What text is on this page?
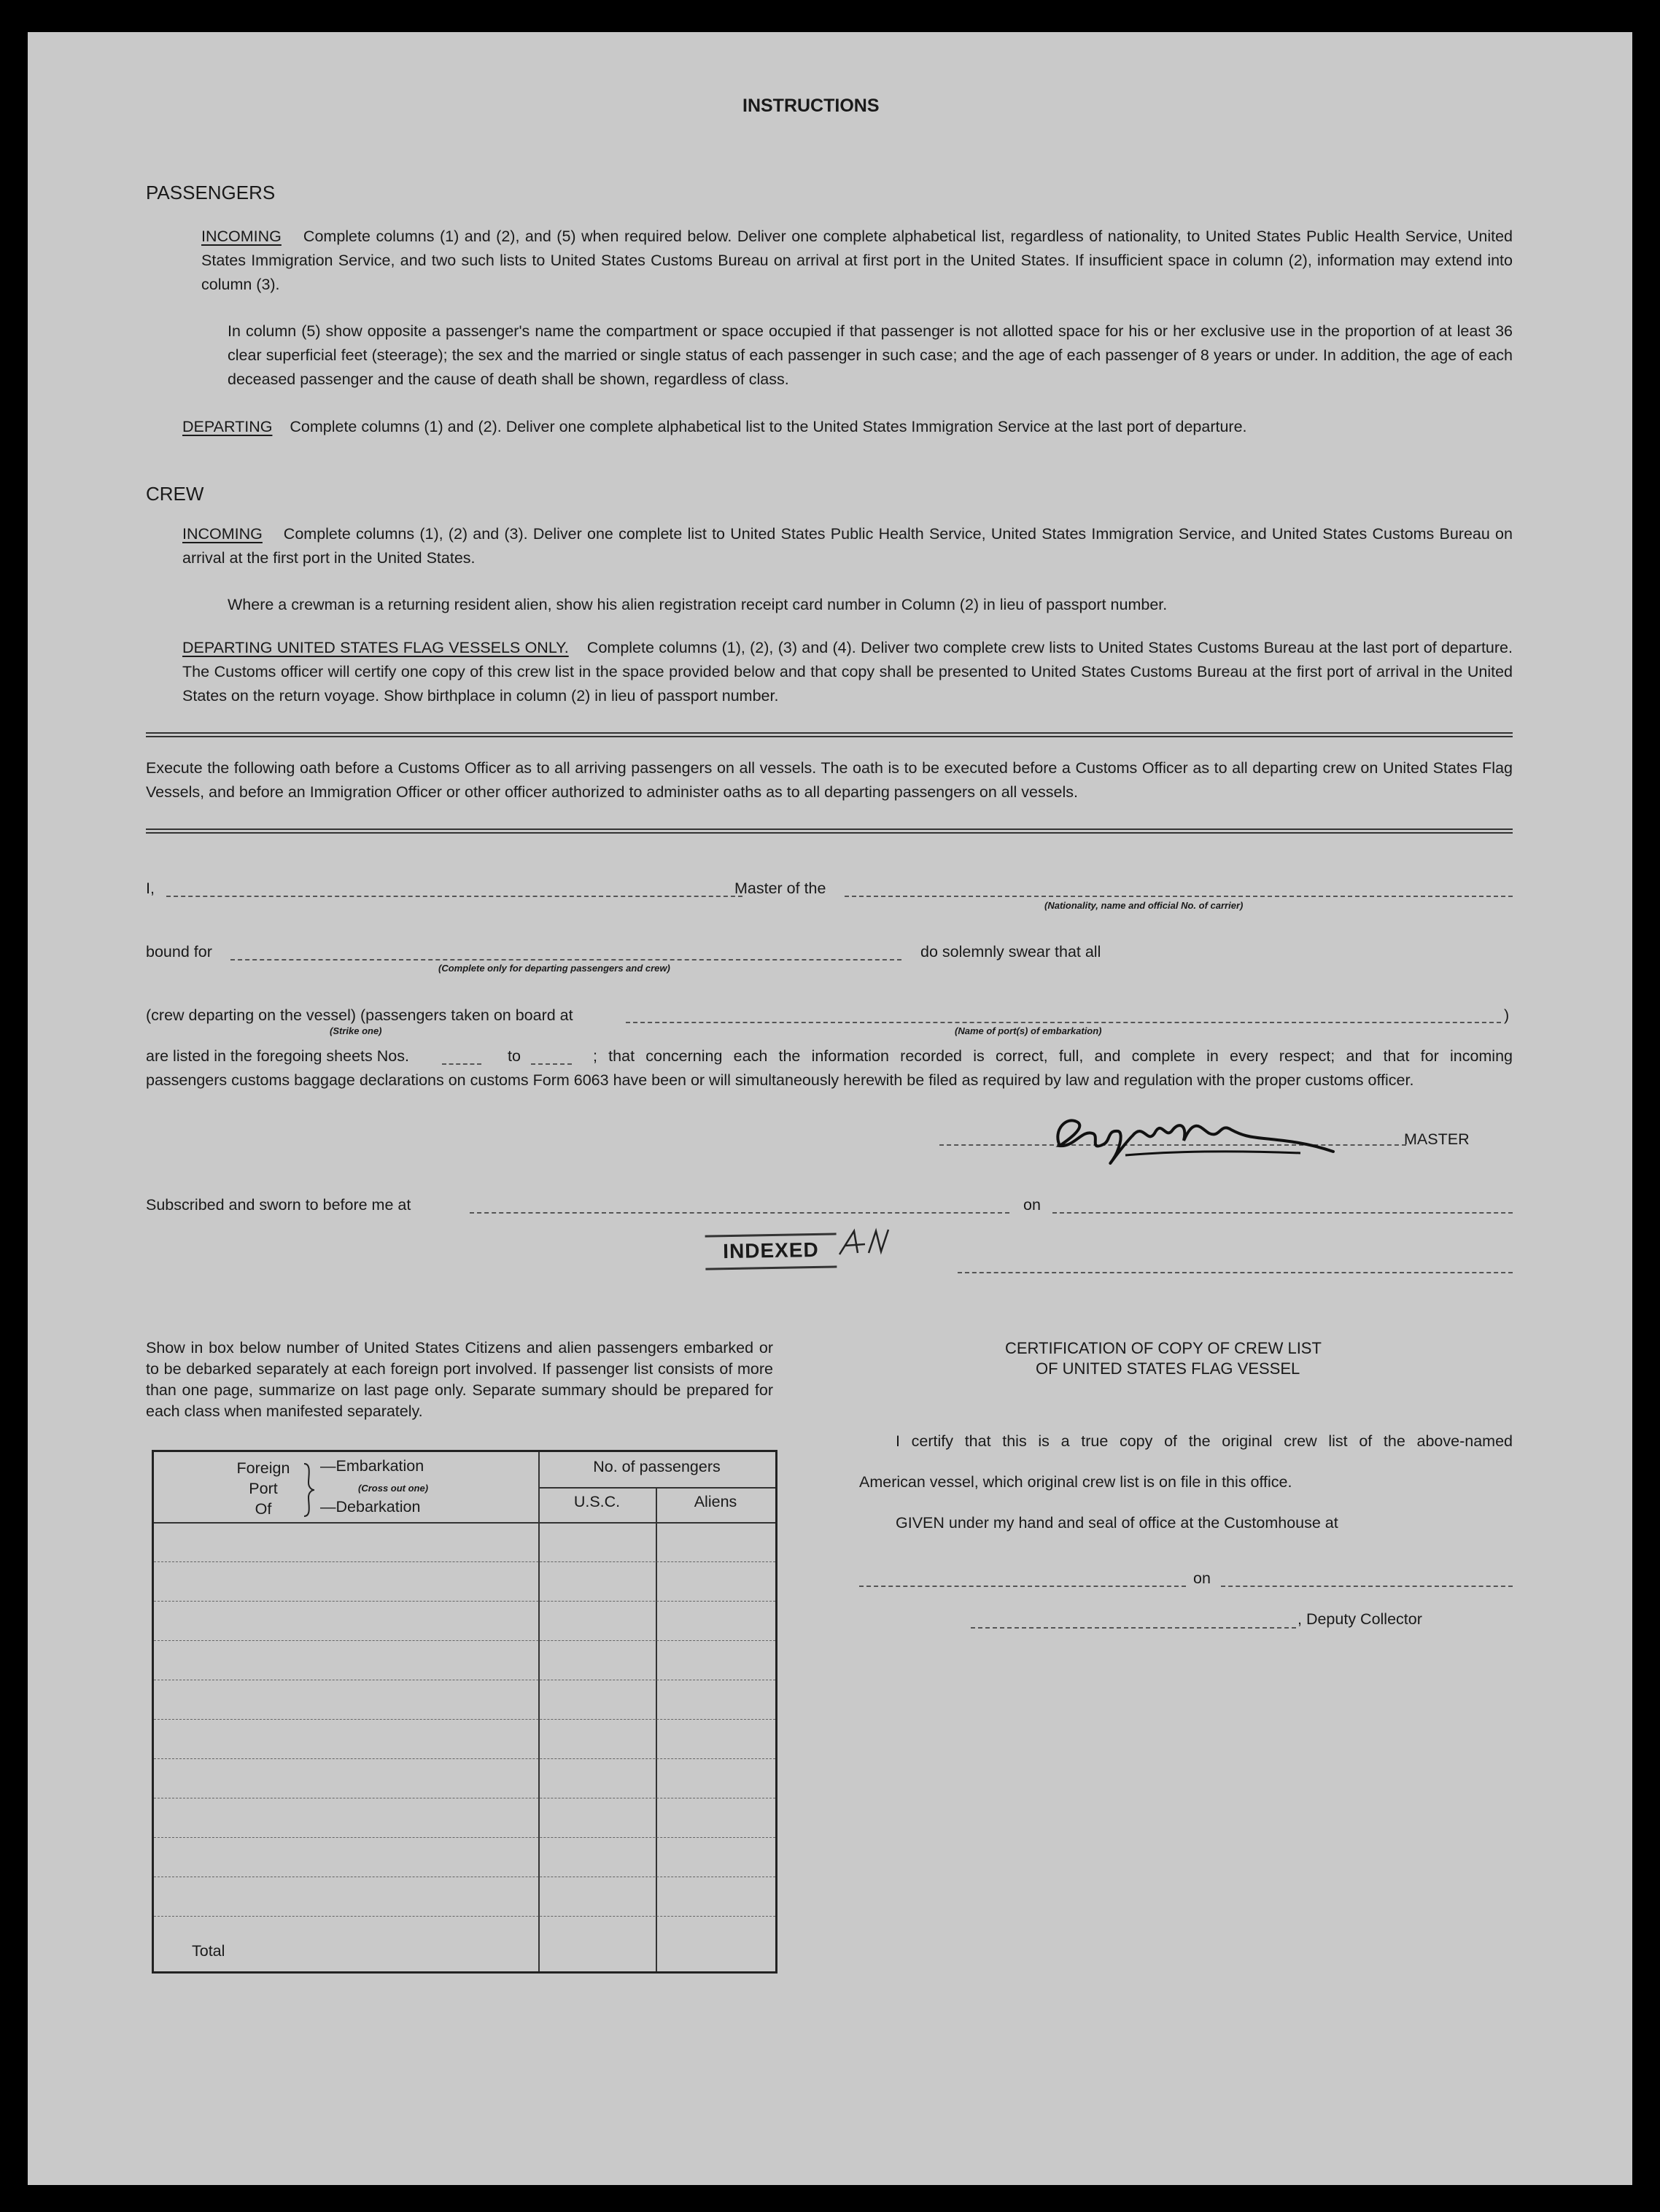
INSTRUCTIONS
PASSENGERS
INCOMING Complete columns (1) and (2), and (5) when required below. Deliver one complete alphabetical list, regardless of nationality, to United States Public Health Service, United States Immigration Service, and two such lists to United States Customs Bureau on arrival at first port in the United States. If insufficient space in column (2), information may extend into column (3).
In column (5) show opposite a passenger's name the compartment or space occupied if that passenger is not allotted space for his or her exclusive use in the proportion of at least 36 clear superficial feet (steerage); the sex and the married or single status of each passenger in such case; and the age of each passenger of 8 years or under. In addition, the age of each deceased passenger and the cause of death shall be shown, regardless of class.
DEPARTING Complete columns (1) and (2). Deliver one complete alphabetical list to the United States Immigration Service at the last port of departure.
CREW
INCOMING Complete columns (1), (2) and (3). Deliver one complete list to United States Public Health Service, United States Immigration Service, and United States Customs Bureau on arrival at the first port in the United States.
Where a crewman is a returning resident alien, show his alien registration receipt card number in Column (2) in lieu of passport number.
DEPARTING UNITED STATES FLAG VESSELS ONLY. Complete columns (1), (2), (3) and (4). Deliver two complete crew lists to United States Customs Bureau at the last port of departure. The Customs officer will certify one copy of this crew list in the space provided below and that copy shall be presented to United States Customs Bureau at the first port of arrival in the United States on the return voyage. Show birthplace in column (2) in lieu of passport number.
Execute the following oath before a Customs Officer as to all arriving passengers on all vessels. The oath is to be executed before a Customs Officer as to all departing crew on United States Flag Vessels, and before an Immigration Officer or other officer authorized to administer oaths as to all departing passengers on all vessels.
I,	Master of the
(Nationality, name and official No. of carrier)
bound for
(Complete only for departing passengers and crew)
do solemnly swear that all
(crew departing on the vessel) (passengers taken on board at	)
(Strike one)	(Name of port(s) of embarkation)
are listed in the foregoing sheets Nos.	to	; that concerning each the information recorded is correct, full, and complete in every respect; and that for incoming
passengers customs baggage declarations on customs Form 6063 have been or will simultaneously herewith be filed as required by law and regulation with the proper customs officer.
MASTER
Subscribed and sworn to before me at	on
INDEXED
Show in box below number of United States Citizens and alien passengers embarked or to be debarked separately at each foreign port involved. If passenger list consists of more than one page, summarize on last page only. Separate summary should be prepared for each class when manifested separately.
Foreign
Port
Of
—Embarkation
(Cross out one)
—Debarkation
No. of passengers
U.S.C.	Aliens
Total
CERTIFICATION OF COPY OF CREW LIST
OF UNITED STATES FLAG VESSEL
I certify that this is a true copy of the original crew list of the above-named
American vessel, which original crew list is on file in this office.
GIVEN under my hand and seal of office at the Customhouse at
on
, Deputy Collector
